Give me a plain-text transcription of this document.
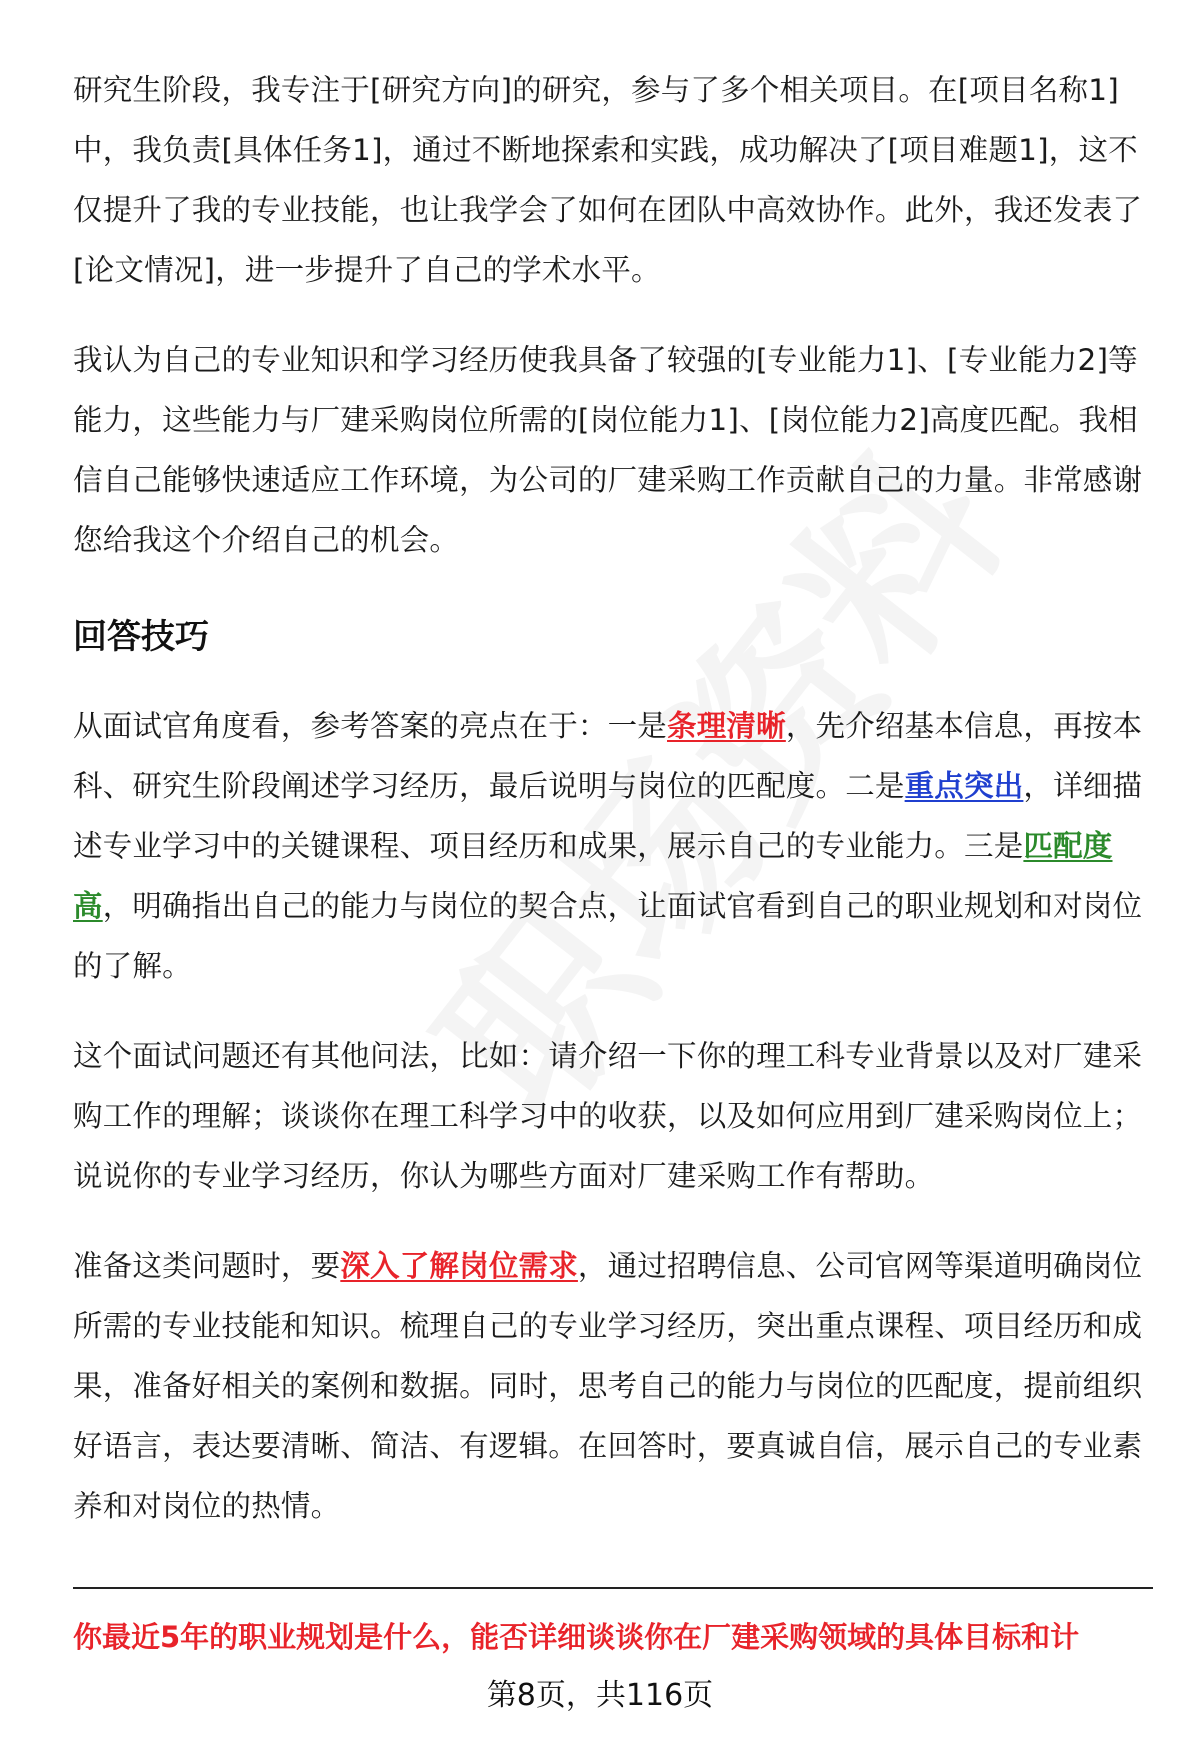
研究生阶段，我专注于[研究方向]的研究，参与了多个相关项目。在[项目名称1]中，我负责[具体任务1]，通过不断地探索和实践，成功解决了[项目难题1]，这不仅提升了我的专业技能，也让我学会了如何在团队中高效协作。此外，我还发表了[论文情况]，进一步提升了自己的学术水平。

我认为自己的专业知识和学习经历使我具备了较强的[专业能力1]、[专业能力2]等能力，这些能力与厂建采购岗位所需的[岗位能力1]、[岗位能力2]高度匹配。我相信自己能够快速适应工作环境，为公司的厂建采购工作贡献自己的力量。非常感谢您给我这个介绍自己的机会。

回答技巧

从面试官角度看，参考答案的亮点在于：一是条理清晰，先介绍基本信息，再按本科、研究生阶段阐述学习经历，最后说明与岗位的匹配度。二是重点突出，详细描述专业学习中的关键课程、项目经历和成果，展示自己的专业能力。三是匹配度高，明确指出自己的能力与岗位的契合点，让面试官看到自己的职业规划和对岗位的了解。

这个面试问题还有其他问法，比如：请介绍一下你的理工科专业背景以及对厂建采购工作的理解；谈谈你在理工科学习中的收获，以及如何应用到厂建采购岗位上；说说你的专业学习经历，你认为哪些方面对厂建采购工作有帮助。

准备这类问题时，要深入了解岗位需求，通过招聘信息、公司官网等渠道明确岗位所需的专业技能和知识。梳理自己的专业学习经历，突出重点课程、项目经历和成果，准备好相关的案例和数据。同时，思考自己的能力与岗位的匹配度，提前组织好语言，表达要清晰、简洁、有逻辑。在回答时，要真诚自信，展示自己的专业素养和对岗位的热情。

你最近5年的职业规划是什么，能否详细谈谈你在厂建采购领域的具体目标和计
第8页，共116页
